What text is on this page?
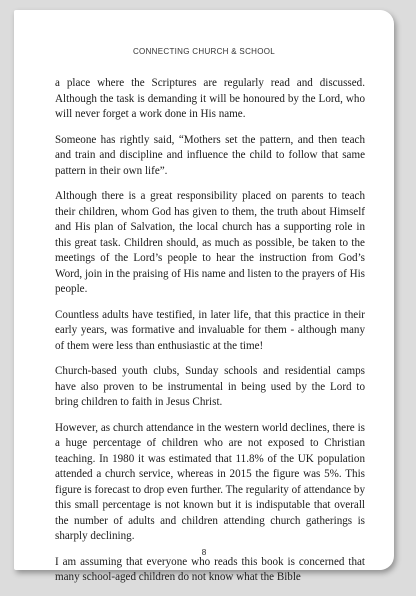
CONNECTING CHURCH & SCHOOL

a place where the Scriptures are regularly read and discussed. Although the task is demanding it will be honoured by the Lord, who will never forget a work done in His name.

Someone has rightly said, “Mothers set the pattern, and then teach and train and discipline and influence the child to follow that same pattern in their own life”.

Although there is a great responsibility placed on parents to teach their children, whom God has given to them, the truth about Himself and His plan of Salvation, the local church has a supporting role in this great task. Children should, as much as possible, be taken to the meetings of the Lord’s people to hear the instruction from God’s Word, join in the praising of His name and listen to the prayers of His people.

Countless adults have testified, in later life, that this practice in their early years, was formative and invaluable for them - although many of them were less than enthusiastic at the time!

Church-based youth clubs, Sunday schools and residential camps have also proven to be instrumental in being used by the Lord to bring children to faith in Jesus Christ.

However, as church attendance in the western world declines, there is a huge percentage of children who are not exposed to Christian teaching. In 1980 it was estimated that 11.8% of the UK population attended a church service, whereas in 2015 the figure was 5%. This figure is forecast to drop even further. The regularity of attendance by this small percentage is not known but it is indisputable that overall the number of adults and children attending church gatherings is sharply declining.

I am assuming that everyone who reads this book is concerned that many school-aged children do not know what the Bible

8
